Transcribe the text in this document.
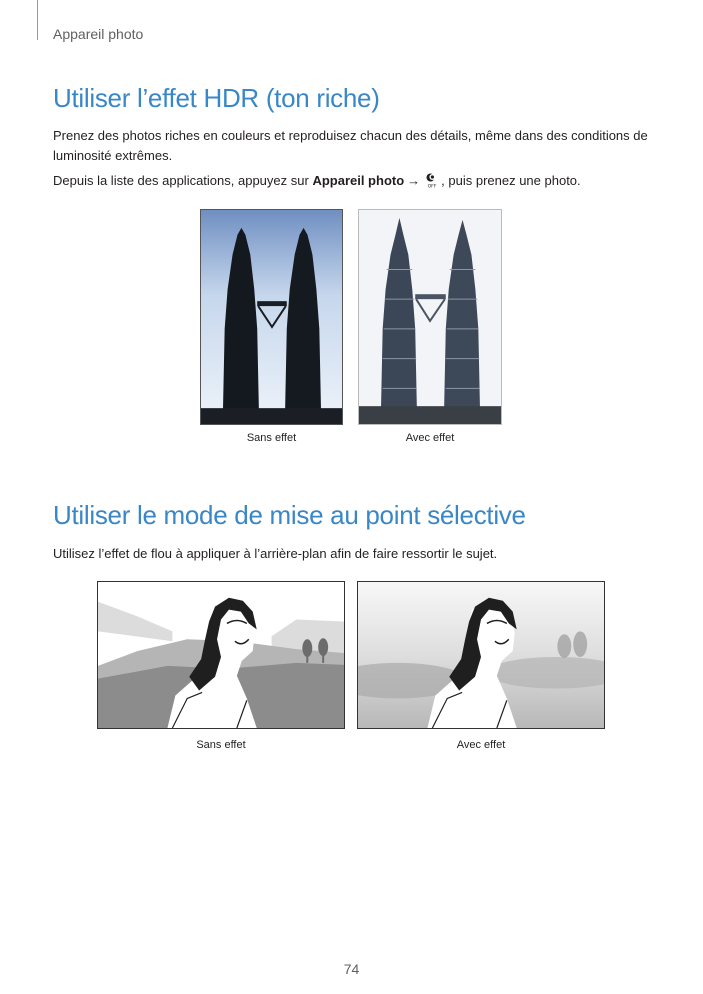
Appareil photo
Utiliser l’effet HDR (ton riche)

Prenez des photos riches en couleurs et reproduisez chacun des détails, même dans des conditions de luminosité extrêmes.

Depuis la liste des applications, appuyez sur Appareil photo → OFF , puis prenez une photo.

Sans effet	Avec effet
Utiliser le mode de mise au point sélective

Utilisez l’effet de flou à appliquer à l’arrière-plan afin de faire ressortir le sujet.

Sans effet	Avec effet
74
